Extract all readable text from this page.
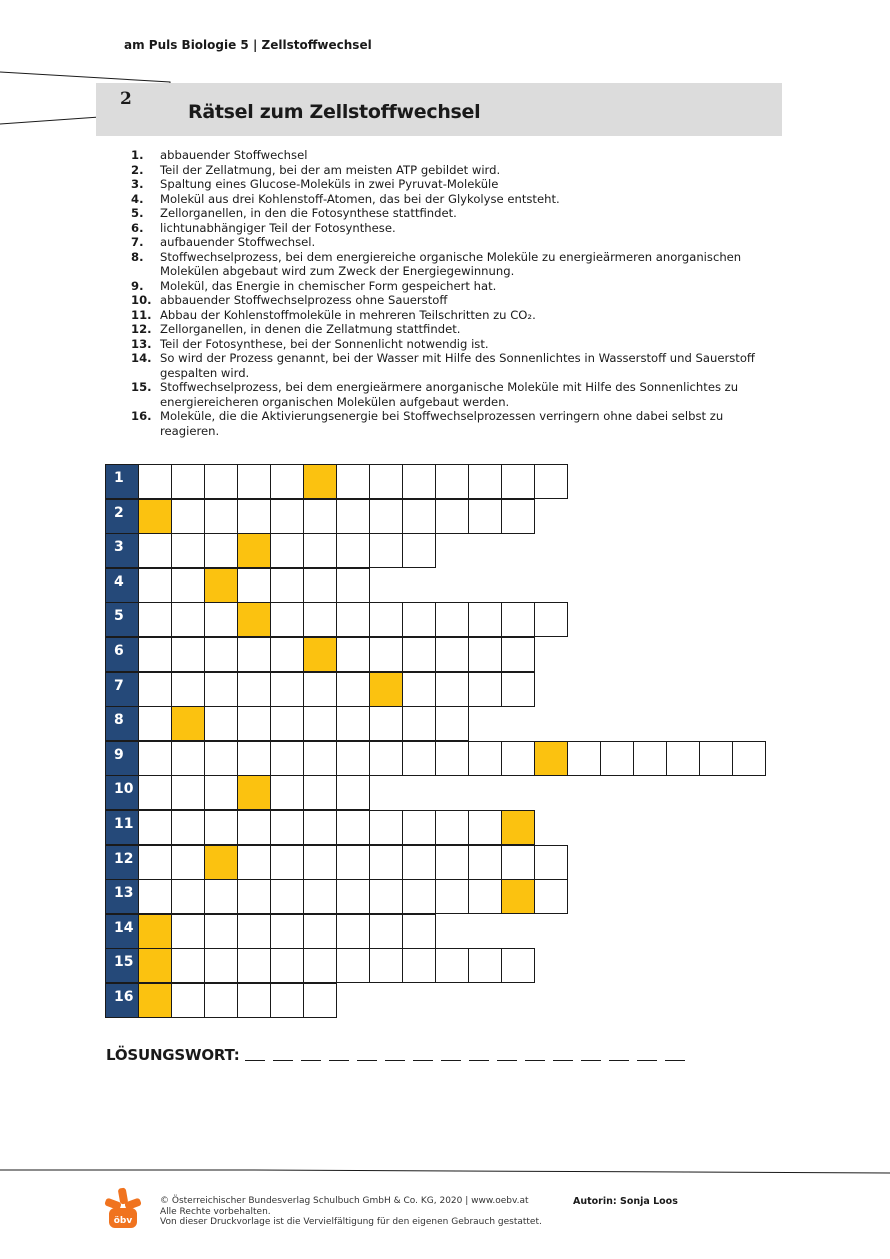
am Puls Biologie 5 | Zellstoffwechsel
2
Rätsel zum Zellstoffwechsel
1.	abbauender Stoffwechsel
2.	Teil der Zellatmung, bei der am meisten ATP gebildet wird.
3.	Spaltung eines Glucose-Moleküls in zwei Pyruvat-Moleküle
4.	Molekül aus drei Kohlenstoff-Atomen, das bei der Glykolyse entsteht.
5.	Zellorganellen, in den die Fotosynthese stattfindet.
6.	lichtunabhängiger Teil der Fotosynthese.
7.	aufbauender Stoffwechsel.
8.	Stoffwechselprozess, bei dem energiereiche organische Moleküle zu energieärmeren anorganischen Molekülen abgebaut wird zum Zweck der Energiegewinnung.
9.	Molekül, das Energie in chemischer Form gespeichert hat.
10. abbauender Stoffwechselprozess ohne Sauerstoff
11. Abbau der Kohlenstoffmoleküle in mehreren Teilschritten zu CO₂.
12. Zellorganellen, in denen die Zellatmung stattfindet.
13. Teil der Fotosynthese, bei der Sonnenlicht notwendig ist.
14. So wird der Prozess genannt, bei der Wasser mit Hilfe des Sonnenlichtes in Wasserstoff und Sauerstoff gespalten wird.
15. Stoffwechselprozess, bei dem energieärmere anorganische Moleküle mit Hilfe des Sonnenlichtes zu energiereicheren organischen Molekülen aufgebaut werden.
16. Moleküle, die die Aktivierungsenergie bei Stoffwechselprozessen verringern ohne dabei selbst zu reagieren.
1
2
3
4
5
6
7
8
9
10
11
12
13
14
15
16
LÖSUNGSWORT:
öbv
© Österreichischer Bundesverlag Schulbuch GmbH & Co. KG, 2020 | www.oebv.at
Alle Rechte vorbehalten.
Von dieser Druckvorlage ist die Vervielfältigung für den eigenen Gebrauch gestattet.
Autorin: Sonja Loos
